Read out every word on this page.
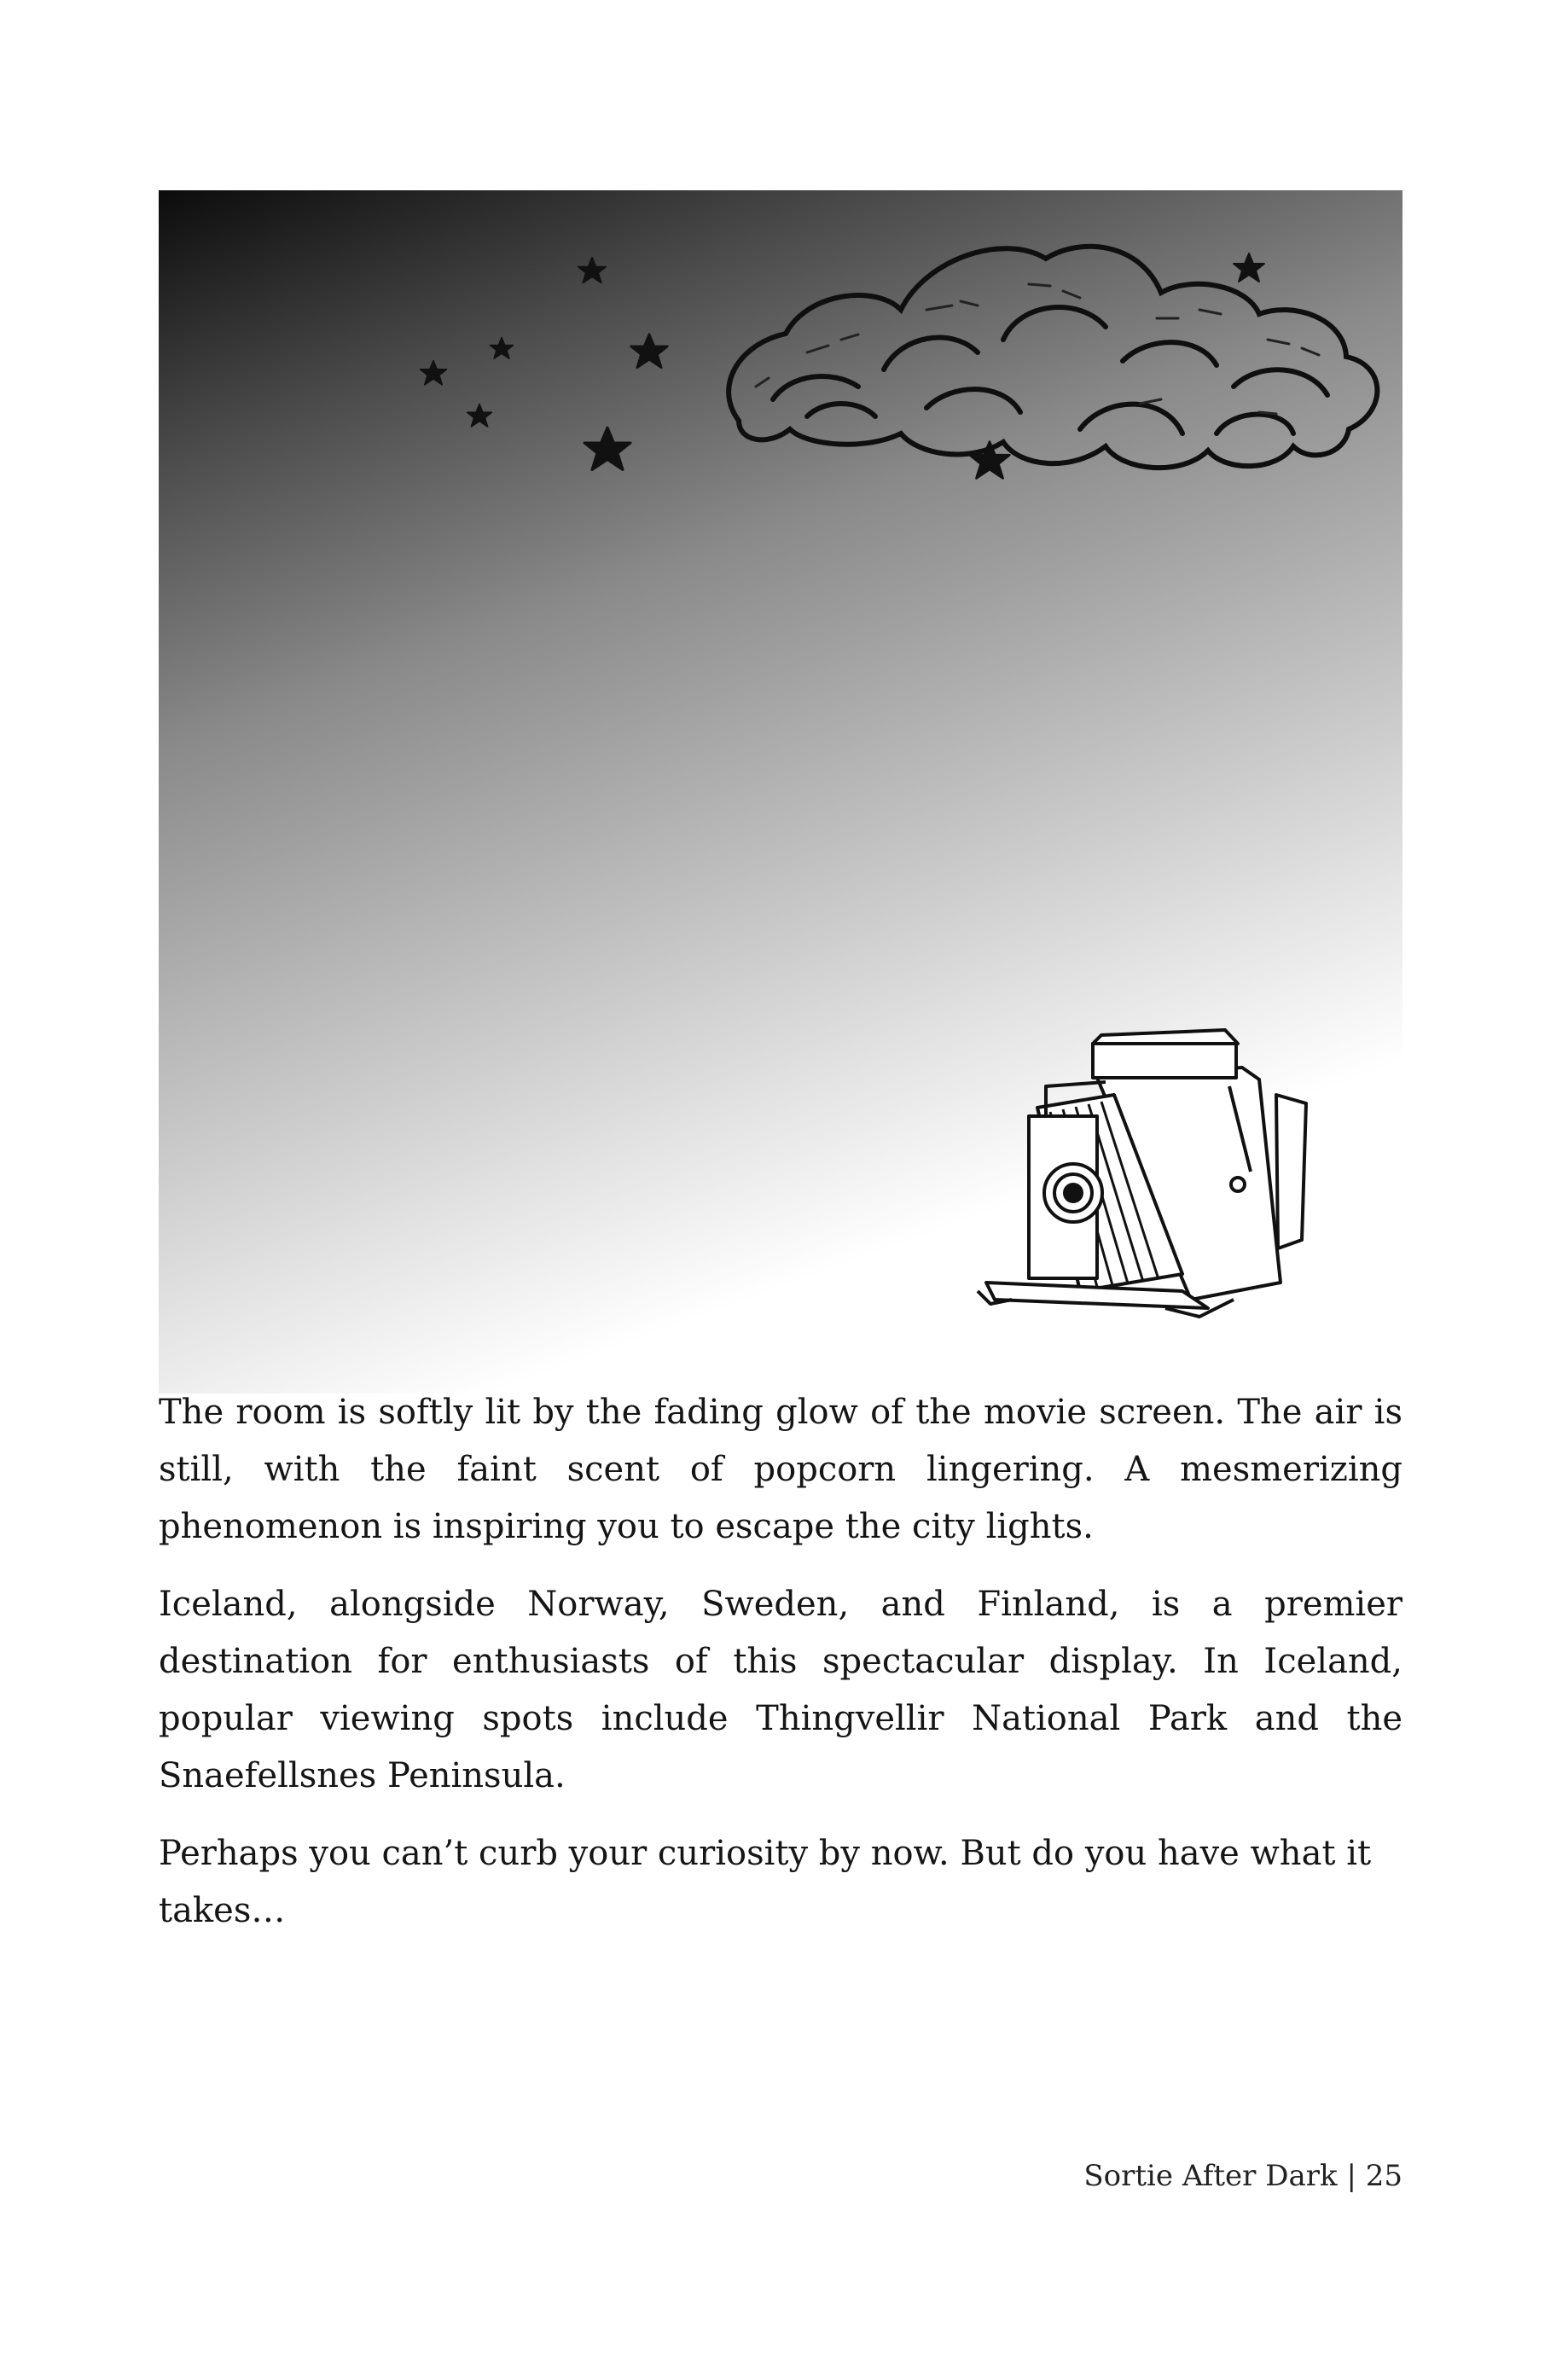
The room is softly lit by the fading glow of the movie screen. The air is still, with the faint scent of popcorn lingering. A mesmerizing phenomenon is inspiring you to escape the city lights.

Iceland, alongside Norway, Sweden, and Finland, is a premier destination for enthusiasts of this spectacular display. In Iceland, popular viewing spots include Thingvellir National Park and the Snaefellsnes Peninsula.

Perhaps you can’t curb your curiosity by now. But do you have what it takes…

Sortie After Dark | 25
